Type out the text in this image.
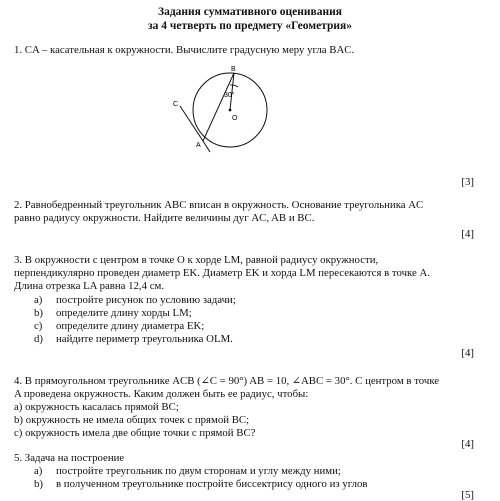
Задания суммативного оценивания
за 4 четверть по предмету «Геометрия»
1. CA – касательная к окружности. Вычислите градусную меру угла BAC.
B
C
O
A
30°
[3]
2. Равнобедренный треугольник ABC вписан в окружность. Основание треугольника AC
равно радиусу окружности. Найдите величины дуг AC, AB и BC.
[4]
3. В окружности с центром в точке O к хорде LM, равной радиусу окружности,
перпендикулярно проведен диаметр EK. Диаметр EK и хорда LM пересекаются в точке A.
Длина отрезка LA равна 12,4 см.
a) постройте рисунок по условию задачи;
b) определите длину хорды LM;
c) определите длину диаметра EK;
d) найдите периметр треугольника OLM.
[4]
4. В прямоугольном треугольнике ACB (∠C = 90°) AB = 10, ∠ABC = 30°. С центром в точке
A проведена окружность. Каким должен быть ее радиус, чтобы:
a) окружность касалась прямой BC;
b) окружность не имела общих точек с прямой BC;
c) окружность имела две общие точки с прямой BC?
[4]
5. Задача на построение
a) постройте треугольник по двум сторонам и углу между ними;
b) в полученном треугольнике постройте биссектрису одного из углов
[5]
